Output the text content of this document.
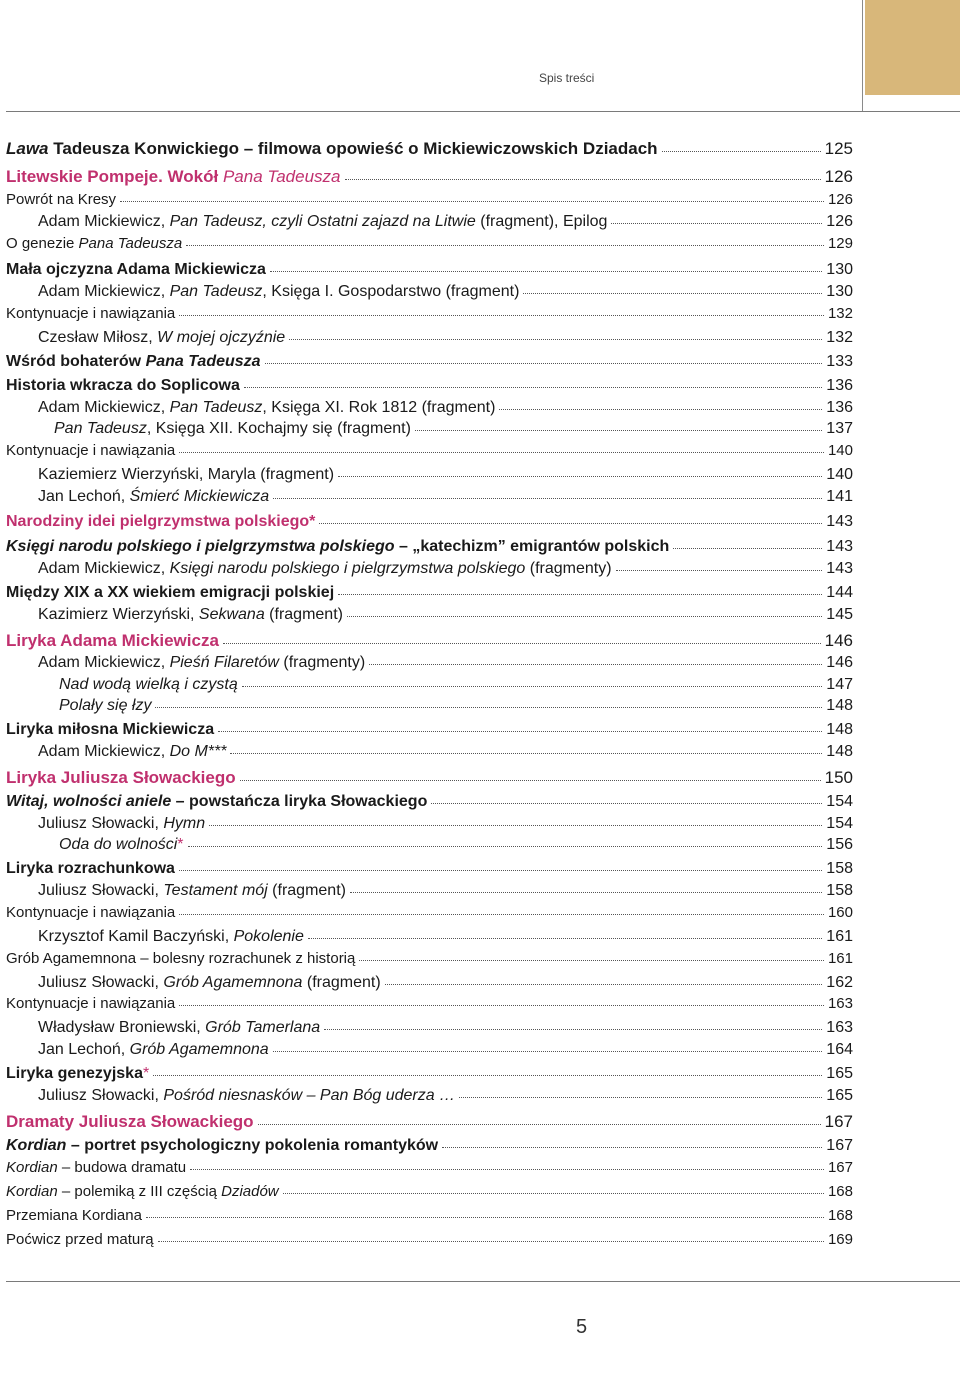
Spis treści
Lawa Tadeusza Konwickiego – filmowa opowieść o Mickiewiczowskich Dziadach	125
Litewskie Pompeje. Wokół Pana Tadeusza	126
Powrót na Kresy	126
Adam Mickiewicz, Pan Tadeusz, czyli Ostatni zajazd na Litwie (fragment), Epilog	126
O genezie Pana Tadeusza	129
Mała ojczyzna Adama Mickiewicza	130
Adam Mickiewicz, Pan Tadeusz, Księga I. Gospodarstwo (fragment)	130
Kontynuacje i nawiązania	132
Czesław Miłosz, W mojej ojczyźnie	132
Wśród bohaterów Pana Tadeusza	133
Historia wkracza do Soplicowa	136
Adam Mickiewicz, Pan Tadeusz, Księga XI. Rok 1812 (fragment)	136
Pan Tadeusz, Księga XII. Kochajmy się (fragment)	137
Kontynuacje i nawiązania	140
Kaziemierz Wierzyński, Maryla (fragment)	140
Jan Lechoń, Śmierć Mickiewicza	141
Narodziny idei pielgrzymstwa polskiego*	143
Księgi narodu polskiego i pielgrzymstwa polskiego – „katechizm” emigrantów polskich	143
Adam Mickiewicz, Księgi narodu polskiego i pielgrzymstwa polskiego (fragmenty)	143
Między XIX a XX wiekiem emigracji polskiej	144
Kazimierz Wierzyński, Sekwana (fragment)	145
Liryka Adama Mickiewicza	146
Adam Mickiewicz, Pieśń Filaretów (fragmenty)	146
Nad wodą wielką i czystą	147
Polały się łzy	148
Liryka miłosna Mickiewicza	148
Adam Mickiewicz, Do M***	148
Liryka Juliusza Słowackiego	150
Witaj, wolności aniele – powstańcza liryka Słowackiego	154
Juliusz Słowacki, Hymn	154
Oda do wolności*	156
Liryka rozrachunkowa	158
Juliusz Słowacki, Testament mój (fragment)	158
Kontynuacje i nawiązania	160
Krzysztof Kamil Baczyński, Pokolenie	161
Grób Agamemnona – bolesny rozrachunek z historią	161
Juliusz Słowacki, Grób Agamemnona (fragment)	162
Kontynuacje i nawiązania	163
Władysław Broniewski, Grób Tamerlana	163
Jan Lechoń, Grób Agamemnona	164
Liryka genezyjska*	165
Juliusz Słowacki, Pośród niesnasków – Pan Bóg uderza …	165
Dramaty Juliusza Słowackiego	167
Kordian – portret psychologiczny pokolenia romantyków	167
Kordian – budowa dramatu	167
Kordian – polemiką z III częścią Dziadów	168
Przemiana Kordiana	168
Poćwicz przed maturą	169
5
